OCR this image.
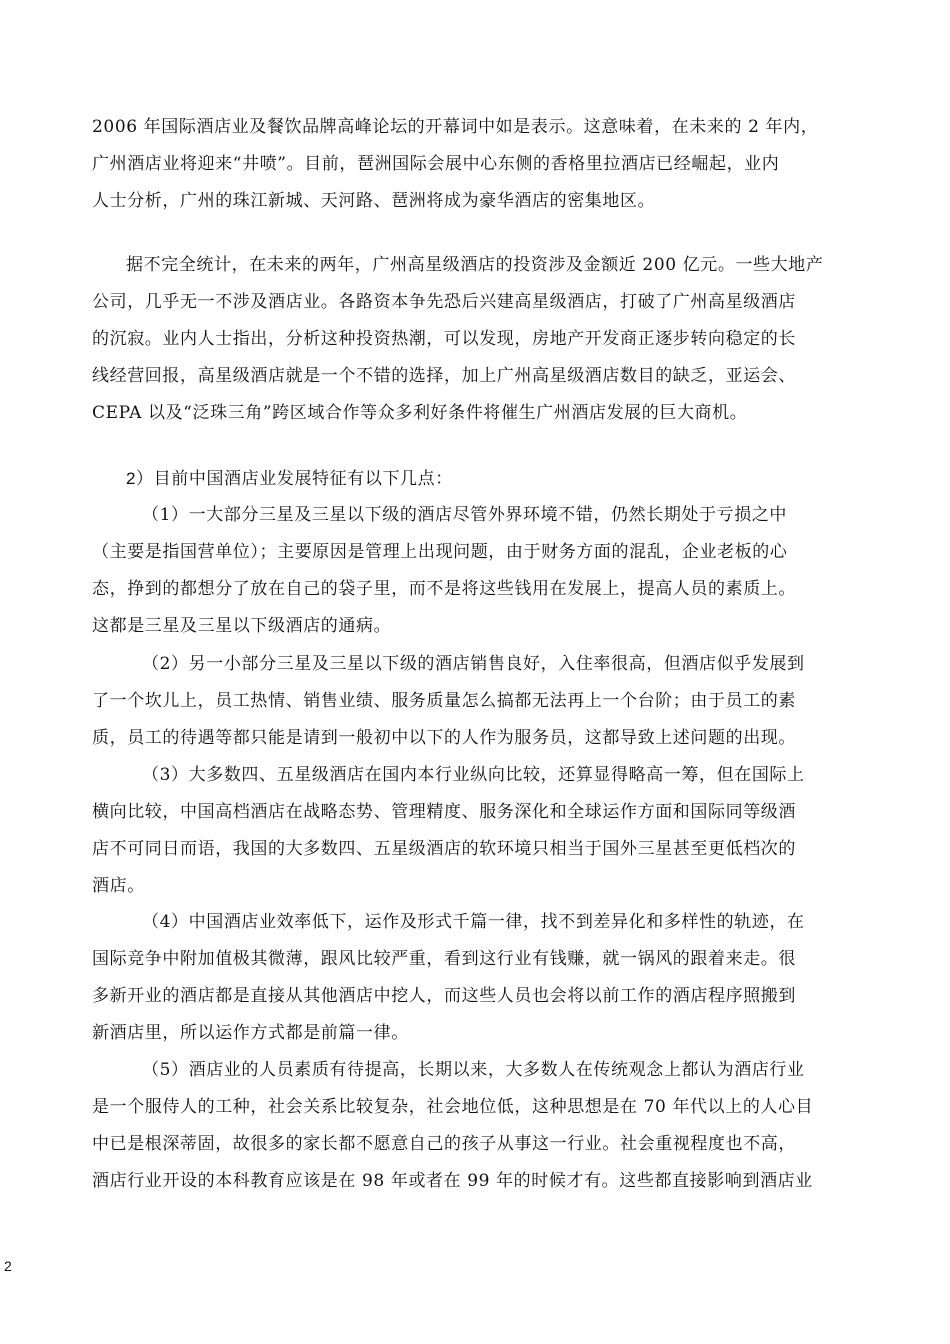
2006 年国际酒店业及餐饮品牌高峰论坛的开幕词中如是表示。这意味着，在未来的 2 年内，
广州酒店业将迎来“井喷”。目前，琶洲国际会展中心东侧的香格里拉酒店已经崛起，业内
人士分析，广州的珠江新城、天河路、琶洲将成为豪华酒店的密集地区。
据不完全统计，在未来的两年，广州高星级酒店的投资涉及金额近 200 亿元。一些大地产
公司，几乎无一不涉及酒店业。各路资本争先恐后兴建高星级酒店，打破了广州高星级酒店
的沉寂。业内人士指出，分析这种投资热潮，可以发现，房地产开发商正逐步转向稳定的长
线经营回报，高星级酒店就是一个不错的选择，加上广州高星级酒店数目的缺乏，亚运会、
CEPA 以及“泛珠三角”跨区域合作等众多利好条件将催生广州酒店发展的巨大商机。
2）目前中国酒店业发展特征有以下几点：
（1）一大部分三星及三星以下级的酒店尽管外界环境不错，仍然长期处于亏损之中
（主要是指国营单位）；主要原因是管理上出现问题，由于财务方面的混乱，企业老板的心
态，挣到的都想分了放在自己的袋子里，而不是将这些钱用在发展上，提高人员的素质上。
这都是三星及三星以下级酒店的通病。
（2）另一小部分三星及三星以下级的酒店销售良好，入住率很高，但酒店似乎发展到
了一个坎儿上，员工热情、销售业绩、服务质量怎么搞都无法再上一个台阶；由于员工的素
质，员工的待遇等都只能是请到一般初中以下的人作为服务员，这都导致上述问题的出现。
（3）大多数四、五星级酒店在国内本行业纵向比较，还算显得略高一筹，但在国际上
横向比较，中国高档酒店在战略态势、管理精度、服务深化和全球运作方面和国际同等级酒
店不可同日而语，我国的大多数四、五星级酒店的软环境只相当于国外三星甚至更低档次的
酒店。
（4）中国酒店业效率低下，运作及形式千篇一律，找不到差异化和多样性的轨迹，在
国际竞争中附加值极其微薄，跟风比较严重，看到这行业有钱赚，就一锅风的跟着来走。很
多新开业的酒店都是直接从其他酒店中挖人，而这些人员也会将以前工作的酒店程序照搬到
新酒店里，所以运作方式都是前篇一律。
（5）酒店业的人员素质有待提高，长期以来，大多数人在传统观念上都认为酒店行业
是一个服侍人的工种，社会关系比较复杂，社会地位低，这种思想是在 70 年代以上的人心目
中已是根深蒂固，故很多的家长都不愿意自己的孩子从事这一行业。社会重视程度也不高，
酒店行业开设的本科教育应该是在 98 年或者在 99 年的时候才有。这些都直接影响到酒店业
2
